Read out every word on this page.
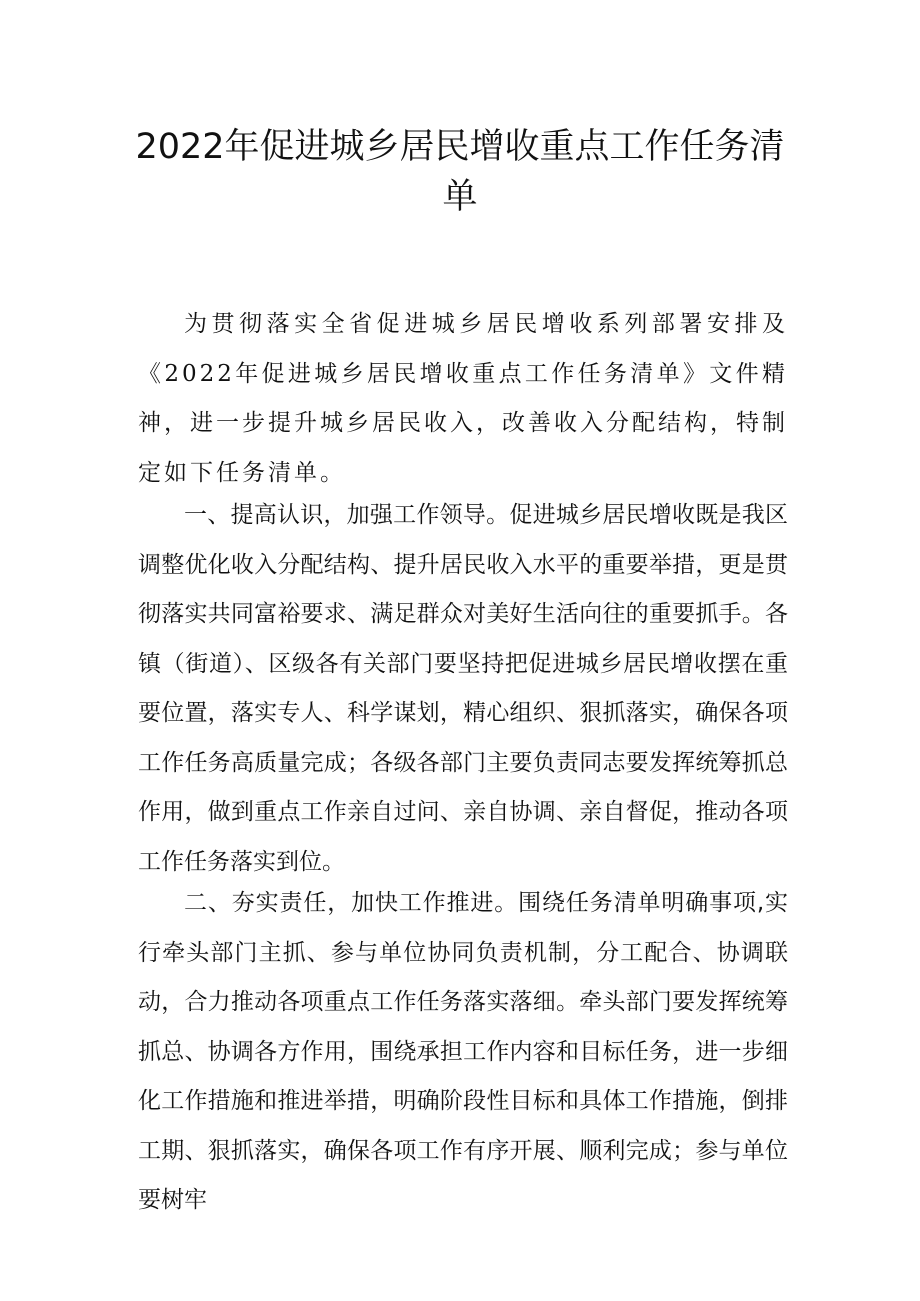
2022年促进城乡居民增收重点工作任务清
单

为贯彻落实全省促进城乡居民增收系列部署安排及《2022年促进城乡居民增收重点工作任务清单》文件精神，进一步提升城乡居民收入，改善收入分配结构，特制定如下任务清单。

一、提高认识，加强工作领导。促进城乡居民增收既是我区调整优化收入分配结构、提升居民收入水平的重要举措，更是贯彻落实共同富裕要求、满足群众对美好生活向往的重要抓手。各镇（街道）、区级各有关部门要坚持把促进城乡居民增收摆在重要位置，落实专人、科学谋划，精心组织、狠抓落实，确保各项工作任务高质量完成；各级各部门主要负责同志要发挥统筹抓总作用，做到重点工作亲自过问、亲自协调、亲自督促，推动各项工作任务落实到位。

二、夯实责任，加快工作推进。围绕任务清单明确事项,实行牵头部门主抓、参与单位协同负责机制，分工配合、协调联动，合力推动各项重点工作任务落实落细。牵头部门要发挥统筹抓总、协调各方作用，围绕承担工作内容和目标任务，进一步细化工作措施和推进举措，明确阶段性目标和具体工作措施，倒排工期、狠抓落实，确保各项工作有序开展、顺利完成；参与单位要树牢
